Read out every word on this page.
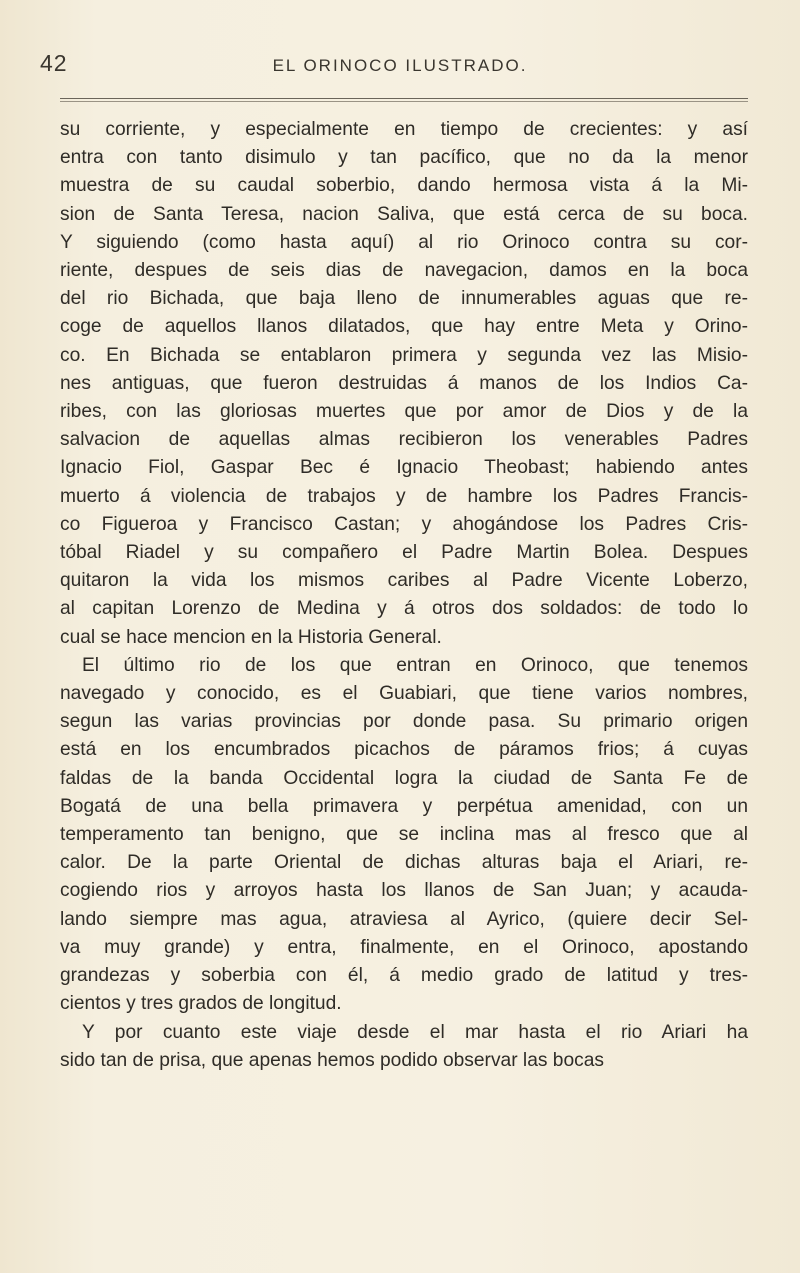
42	EL ORINOCO ILUSTRADO.
su corriente, y especialmente en tiempo de crecientes: y así
entra con tanto disimulo y tan pacífico, que no da la menor
muestra de su caudal soberbio, dando hermosa vista á la Mi-
sion de Santa Teresa, nacion Saliva, que está cerca de su boca.
Y siguiendo (como hasta aquí) al rio Orinoco contra su cor-
riente, despues de seis dias de navegacion, damos en la boca
del rio Bichada, que baja lleno de innumerables aguas que re-
coge de aquellos llanos dilatados, que hay entre Meta y Orino-
co. En Bichada se entablaron primera y segunda vez las Misio-
nes antiguas, que fueron destruidas á manos de los Indios Ca-
ribes, con las gloriosas muertes que por amor de Dios y de la
salvacion de aquellas almas recibieron los venerables Padres
Ignacio Fiol, Gaspar Bec é Ignacio Theobast; habiendo antes
muerto á violencia de trabajos y de hambre los Padres Francis-
co Figueroa y Francisco Castan; y ahogándose los Padres Cris-
tóbal Riadel y su compañero el Padre Martin Bolea. Despues
quitaron la vida los mismos caribes al Padre Vicente Loberzo,
al capitan Lorenzo de Medina y á otros dos soldados: de todo lo
cual se hace mencion en la Historia General.
El último rio de los que entran en Orinoco, que tenemos
navegado y conocido, es el Guabiari, que tiene varios nombres,
segun las varias provincias por donde pasa. Su primario origen
está en los encumbrados picachos de páramos frios; á cuyas
faldas de la banda Occidental logra la ciudad de Santa Fe de
Bogatá de una bella primavera y perpétua amenidad, con un
temperamento tan benigno, que se inclina mas al fresco que al
calor. De la parte Oriental de dichas alturas baja el Ariari, re-
cogiendo rios y arroyos hasta los llanos de San Juan; y acauda-
lando siempre mas agua, atraviesa al Ayrico, (quiere decir Sel-
va muy grande) y entra, finalmente, en el Orinoco, apostando
grandezas y soberbia con él, á medio grado de latitud y tres-
cientos y tres grados de longitud.
Y por cuanto este viaje desde el mar hasta el rio Ariari ha
sido tan de prisa, que apenas hemos podido observar las bocas
